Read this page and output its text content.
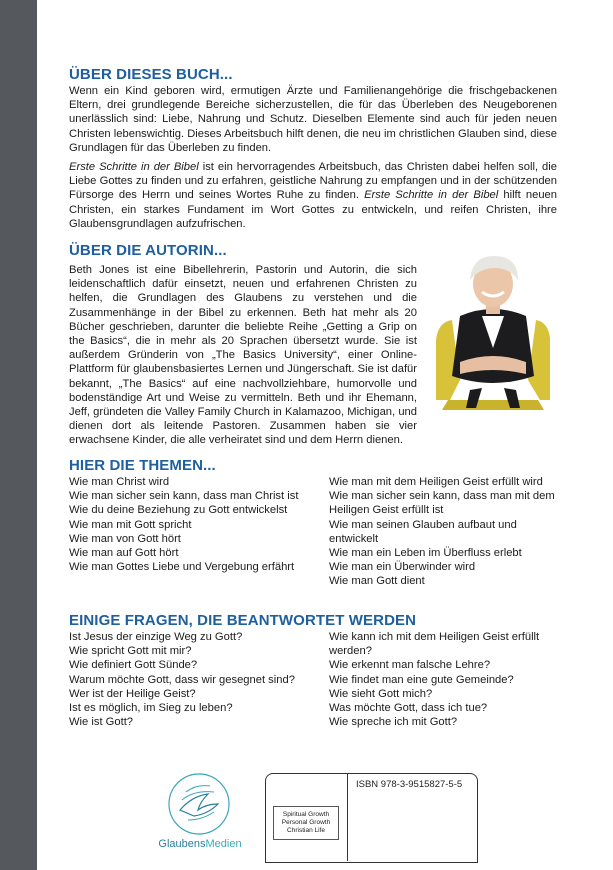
ÜBER DIESES BUCH...

Wenn ein Kind geboren wird, ermutigen Ärzte und Familienangehörige die frischgebackenen Eltern, drei grundlegende Bereiche sicherzustellen, die für das Überleben des Neugeborenen unerlässlich sind: Liebe, Nahrung und Schutz. Dieselben Elemente sind auch für jeden neuen Christen lebenswichtig. Dieses Arbeitsbuch hilft denen, die neu im christlichen Glauben sind, diese Grundlagen für das Überleben zu finden.

Erste Schritte in der Bibel ist ein hervorragendes Arbeitsbuch, das Christen dabei helfen soll, die Liebe Gottes zu finden und zu erfahren, geistliche Nahrung zu empfangen und in der schützenden Fürsorge des Herrn und seines Wortes Ruhe zu finden. Erste Schritte in der Bibel hilft neuen Christen, ein starkes Fundament im Wort Gottes zu entwickeln, und reifen Christen, ihre Glaubensgrundlagen aufzufrischen.

ÜBER DIE AUTORIN...

Beth Jones ist eine Bibellehrerin, Pastorin und Autorin, die sich leidenschaftlich dafür einsetzt, neuen und erfahrenen Christen zu helfen, die Grundlagen des Glaubens zu verstehen und die Zusammenhänge in der Bibel zu erkennen. Beth hat mehr als 20 Bücher geschrieben, darunter die beliebte Reihe „Getting a Grip on the Basics“, die in mehr als 20 Sprachen übersetzt wurde. Sie ist außerdem Gründerin von „The Basics University“, einer Online-Plattform für glaubensbasiertes Lernen und Jüngerschaft. Sie ist dafür bekannt, „The Basics“ auf eine nachvollziehbare, humorvolle und bodenständige Art und Weise zu vermitteln. Beth und ihr Ehemann, Jeff, gründeten die Valley Family Church in Kalamazoo, Michigan, und dienen dort als leitende Pastoren. Zusammen haben sie vier erwachsene Kinder, die alle verheiratet sind und dem Herrn dienen.

HIER DIE THEMEN...
Wie man Christ wird
Wie man sicher sein kann, dass man Christ ist
Wie du deine Beziehung zu Gott entwickelst
Wie man mit Gott spricht
Wie man von Gott hört
Wie man auf Gott hört
Wie man Gottes Liebe und Vergebung erfährt
Wie man mit dem Heiligen Geist erfüllt wird
Wie man sicher sein kann, dass man mit dem Heiligen Geist erfüllt ist
Wie man seinen Glauben aufbaut und entwickelt
Wie man ein Leben im Überfluss erlebt
Wie man ein Überwinder wird
Wie man Gott dient
EINIGE FRAGEN, DIE BEANTWORTET WERDEN
Ist Jesus der einzige Weg zu Gott?
Wie spricht Gott mit mir?
Wie definiert Gott Sünde?
Warum möchte Gott, dass wir gesegnet sind?
Wer ist der Heilige Geist?
Ist es möglich, im Sieg zu leben?
Wie ist Gott?
Wie kann ich mit dem Heiligen Geist erfüllt werden?
Wie erkennt man falsche Lehre?
Wie findet man eine gute Gemeinde?
Wie sieht Gott mich?
Was möchte Gott, dass ich tue?
Wie spreche ich mit Gott?
GlaubensMedien
Spiritual Growth
Personal Growth
Christian Life
ISBN 978-3-9515827-5-5
